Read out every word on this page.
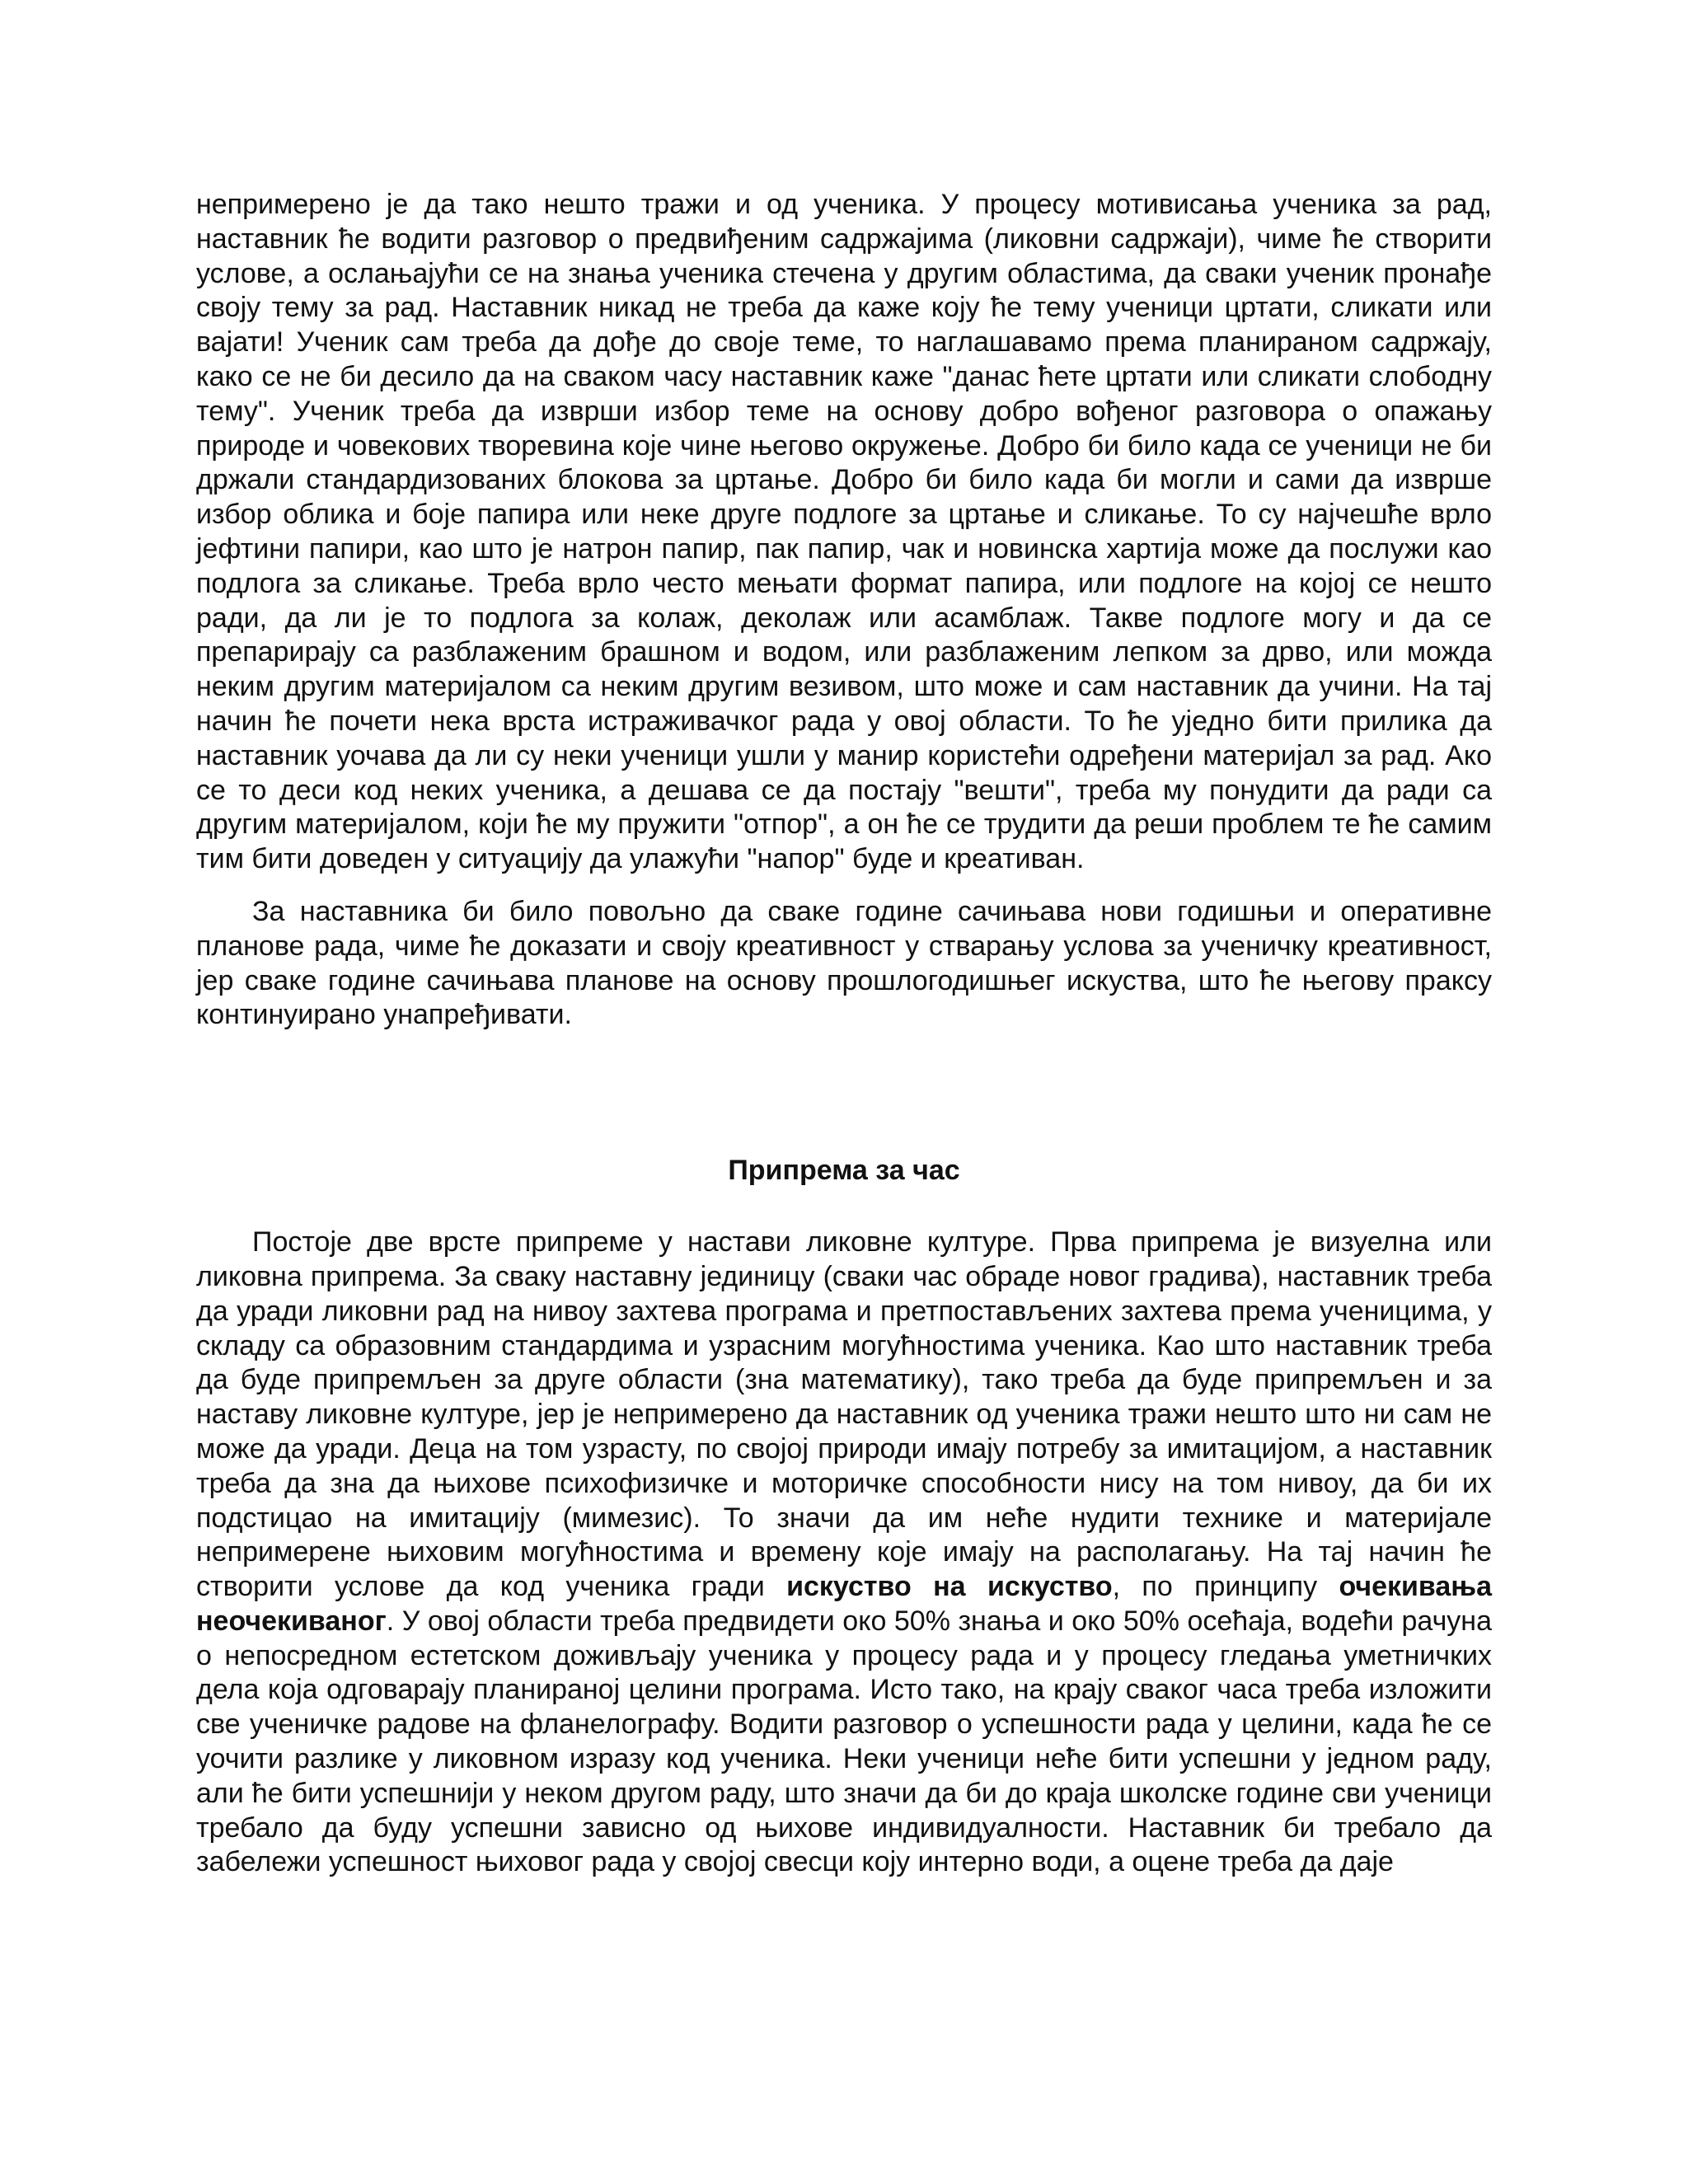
непримерено је да тако нешто тражи и од ученика. У процесу мотивисања ученика за рад, наставник ће водити разговор о предвиђеним садржајима (ликовни садржаји), чиме ће створити услове, а ослањајући се на знања ученика стечена у другим областима, да сваки ученик пронађе своју тему за рад. Наставник никад не треба да каже коју ће тему ученици цртати, сликати или вајати! Ученик сам треба да дође до своје теме, то наглашавамо према планираном садржају, како се не би десило да на сваком часу наставник каже "данас ћете цртати или сликати слободну тему". Ученик треба да изврши избор теме на основу добро вођеног разговора о опажању природе и човекових творевина које чине његово окружење. Добро би било када се ученици не би држали стандардизованих блокова за цртање. Добро би било када би могли и сами да изврше избор облика и боје папира или неке друге подлоге за цртање и сликање. То су најчешће врло јефтини папири, као што је натрон папир, пак папир, чак и новинска хартија може да послужи као подлога за сликање. Треба врло често мењати формат папира, или подлоге на којој се нешто ради, да ли је то подлога за колаж, деколаж или асамблаж. Такве подлоге могу и да се препарирају са разблаженим брашном и водом, или разблаженим лепком за дрво, или можда неким другим материјалом са неким другим везивом, што може и сам наставник да учини. На тај начин ће почети нека врста истраживачког рада у овој области. То ће уједно бити прилика да наставник уочава да ли су неки ученици ушли у манир користећи одређени материјал за рад. Ако се то деси код неких ученика, а дешава се да постају "вешти", треба му понудити да ради са другим материјалом, који ће му пружити "отпор", а он ће се трудити да реши проблем те ће самим тим бити доведен у ситуацију да улажући "напор" буде и креативан.

За наставника би било повољно да сваке године сачињава нови годишњи и оперативне планове рада, чиме ће доказати и своју креативност у стварању услова за ученичку креативност, јер сваке године сачињава планове на основу прошлогодишњег искуства, што ће његову праксу континуирано унапређивати.

Припрема за час

Постоје две врсте припреме у настави ликовне културе. Прва припрема је визуелна или ликовна припрема. За сваку наставну јединицу (сваки час обраде новог градива), наставник треба да уради ликовни рад на нивоу захтева програма и претпостављених захтева према ученицима, у складу са образовним стандардима и узрасним могућностима ученика. Као што наставник треба да буде припремљен за друге области (зна математику), тако треба да буде припремљен и за наставу ликовне културе, јер је непримерено да наставник од ученика тражи нешто што ни сам не може да уради. Деца на том узрасту, по својој природи имају потребу за имитацијом, а наставник треба да зна да њихове психофизичке и моторичке способности нису на том нивоу, да би их подстицао на имитацију (мимезис). То значи да им неће нудити технике и материјале непримерене њиховим могућностима и времену које имају на располагању. На тај начин ће створити услове да код ученика гради искуство на искуство, по принципу очекивања неочекиваног. У овој области треба предвидети око 50% знања и око 50% осећаја, водећи рачуна о непосредном естетском доживљају ученика у процесу рада и у процесу гледања уметничких дела која одговарају планираној целини програма. Исто тако, на крају сваког часа треба изложити све ученичке радове на фланелографу. Водити разговор о успешности рада у целини, када ће се уочити разлике у ликовном изразу код ученика. Неки ученици неће бити успешни у једном раду, али ће бити успешнији у неком другом раду, што значи да би до краја школске године сви ученици требало да буду успешни зависно од њихове индивидуалности. Наставник би требало да забележи успешност њиховог рада у својој свесци коју интерно води, а оцене треба да даје
